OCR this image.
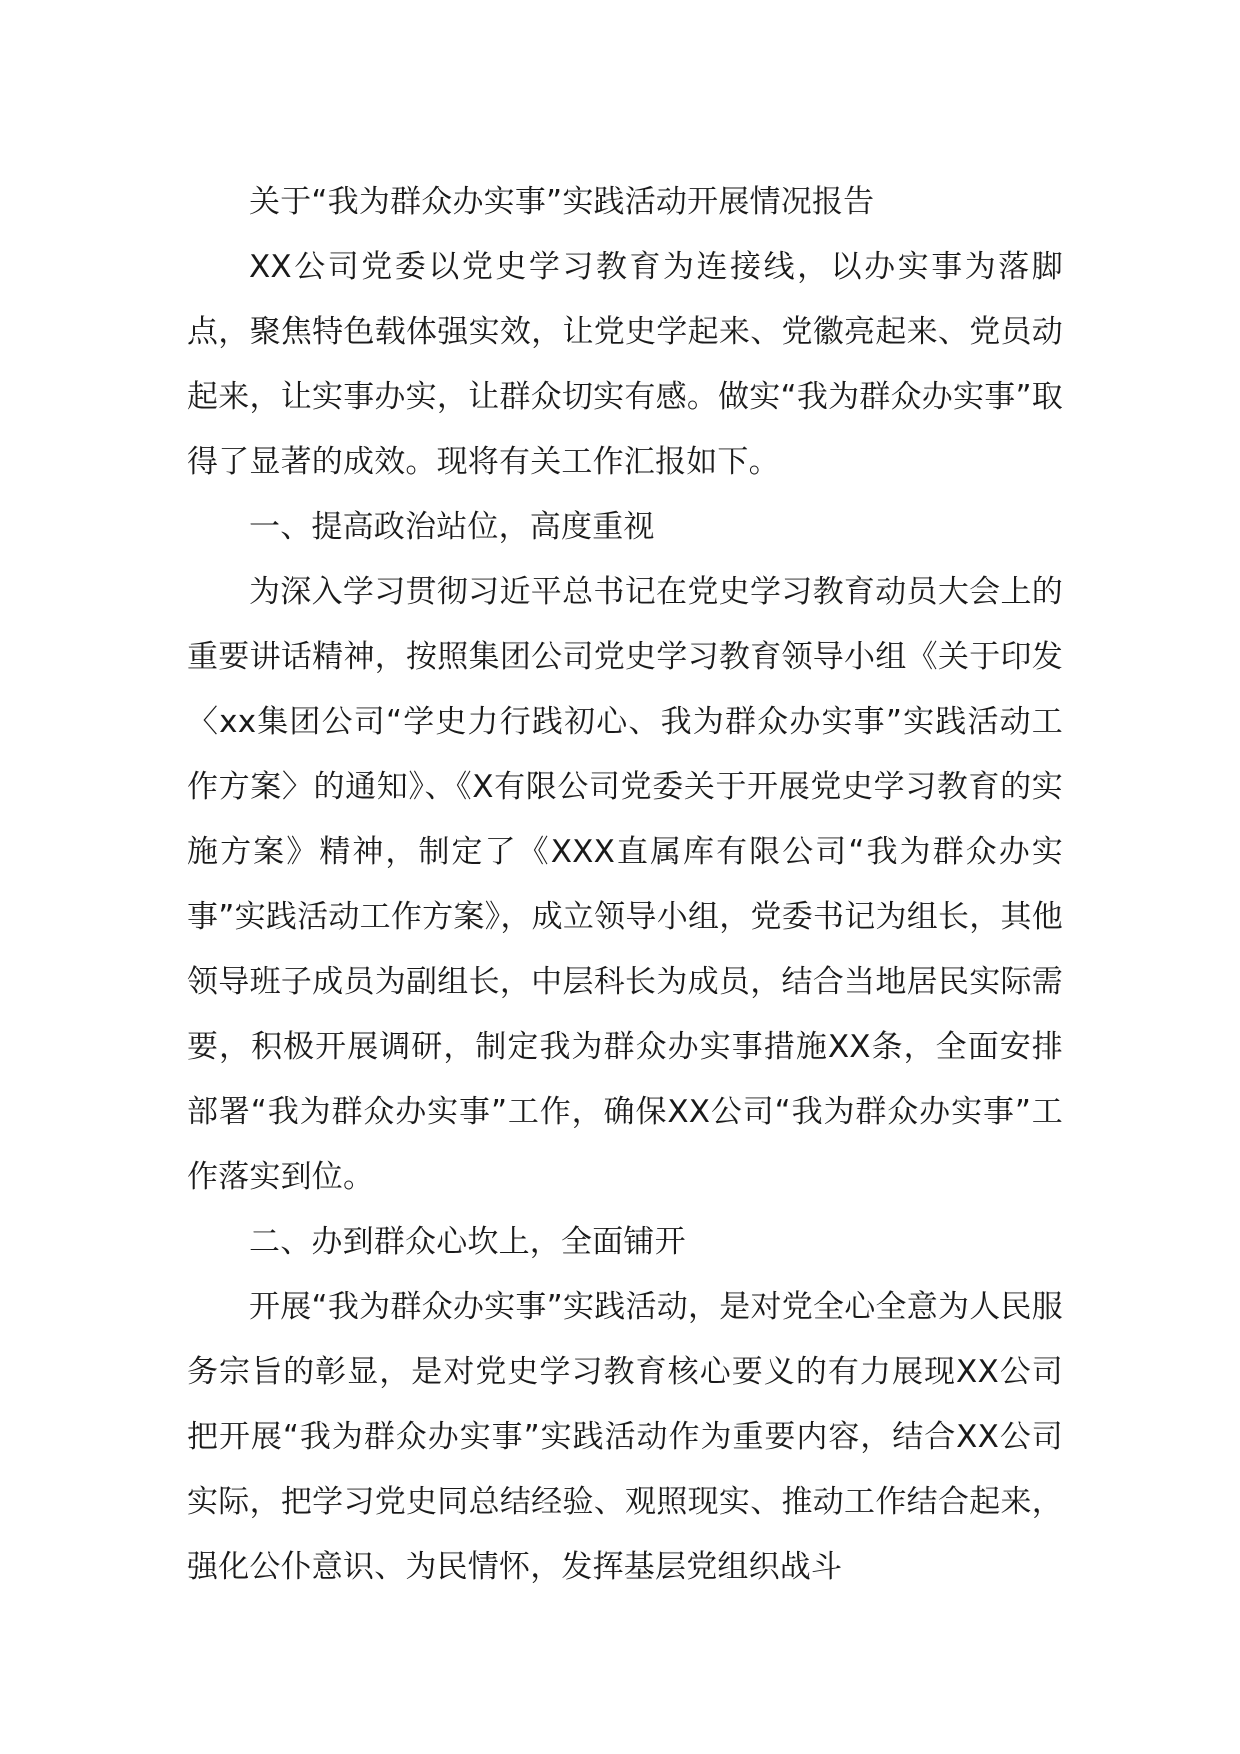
关于“我为群众办实事”实践活动开展情况报告

XX公司党委以党史学习教育为连接线，以办实事为落脚点，聚焦特色载体强实效，让党史学起来、党徽亮起来、党员动起来，让实事办实，让群众切实有感。做实“我为群众办实事”取得了显著的成效。现将有关工作汇报如下。

一、提高政治站位，高度重视

为深入学习贯彻习近平总书记在党史学习教育动员大会上的重要讲话精神，按照集团公司党史学习教育领导小组《关于印发〈xx集团公司“学史力行践初心、我为群众办实事”实践活动工作方案〉的通知》、《X有限公司党委关于开展党史学习教育的实施方案》精神，制定了《XXX直属库有限公司“我为群众办实事”实践活动工作方案》，成立领导小组，党委书记为组长，其他领导班子成员为副组长，中层科长为成员，结合当地居民实际需要，积极开展调研，制定我为群众办实事措施XX条，全面安排部署“我为群众办实事”工作，确保XX公司“我为群众办实事”工作落实到位。

二、办到群众心坎上，全面铺开

开展“我为群众办实事”实践活动，是对党全心全意为人民服务宗旨的彰显，是对党史学习教育核心要义的有力展现XX公司把开展“我为群众办实事”实践活动作为重要内容，结合XX公司实际，把学习党史同总结经验、观照现实、推动工作结合起来，强化公仆意识、为民情怀，发挥基层党组织战斗
